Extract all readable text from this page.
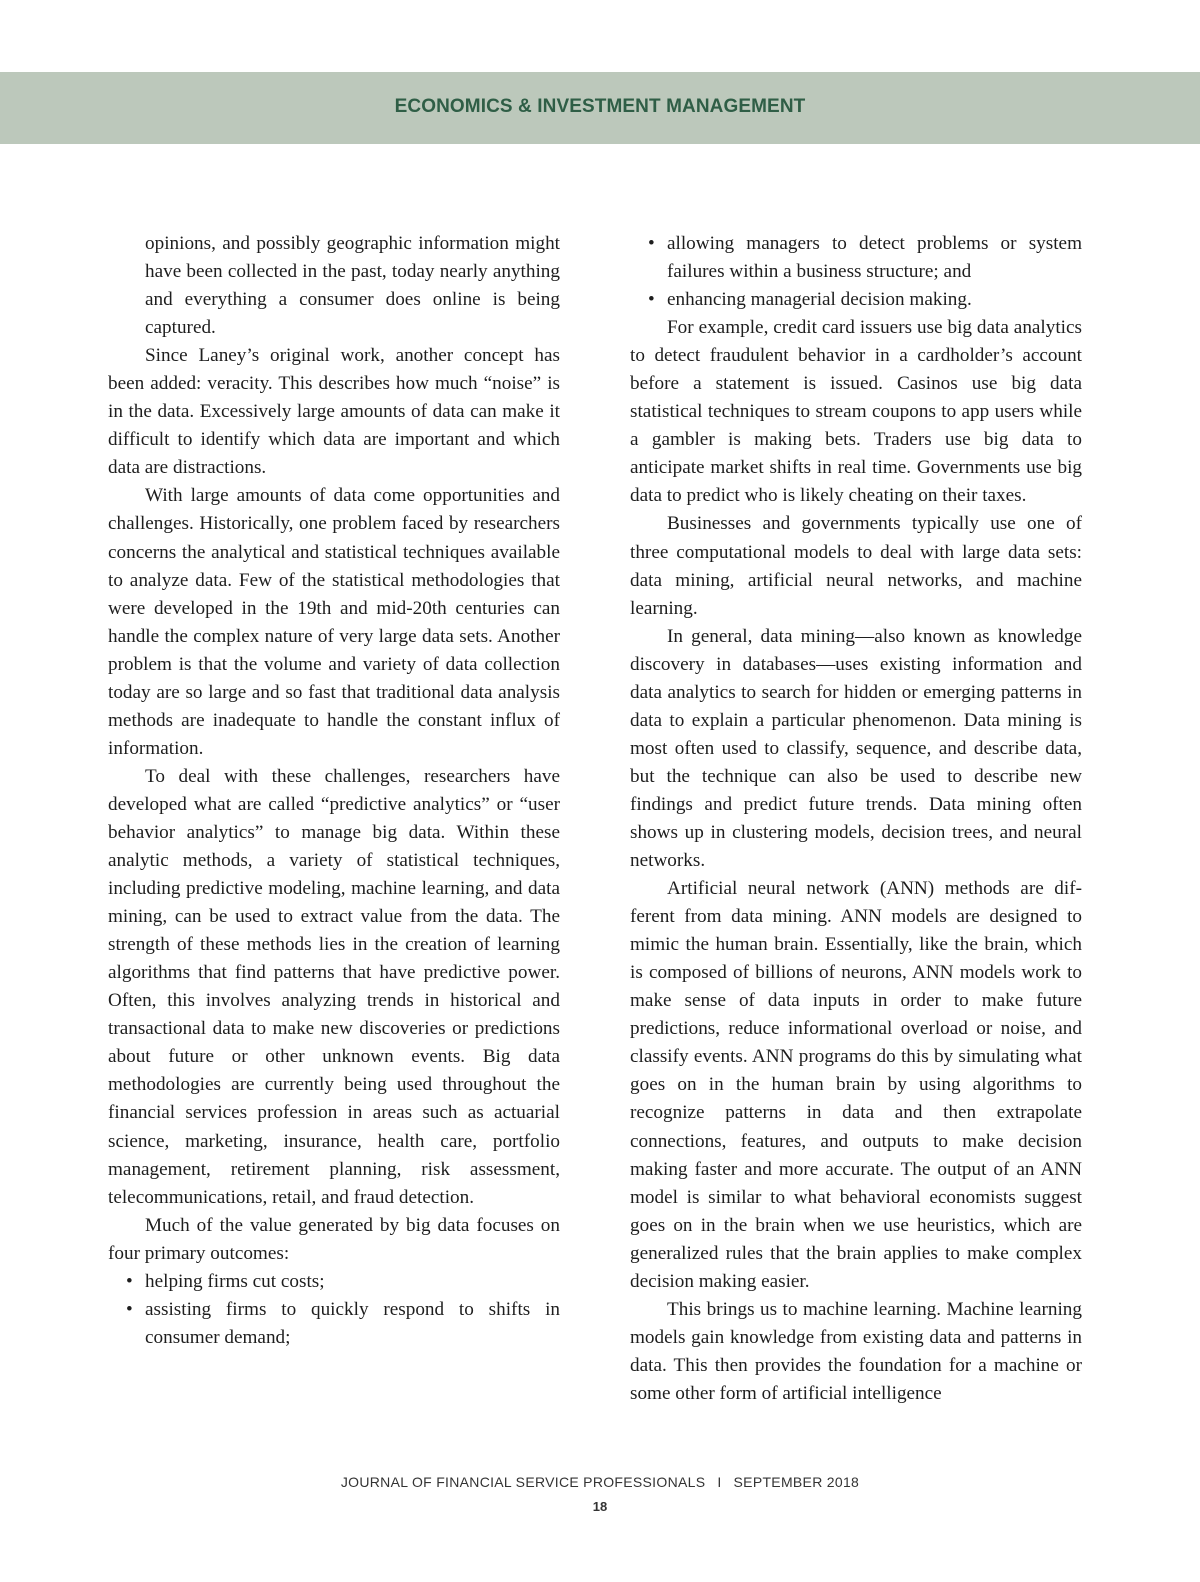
ECONOMICS & INVESTMENT MANAGEMENT

opinions, and possibly geographic information might have been collected in the past, today nearly anything and everything a consumer does online is being captured.

Since Laney’s original work, another concept has been added: veracity. This describes how much “noise” is in the data. Excessively large amounts of data can make it difficult to identify which data are important and which data are distractions.

With large amounts of data come opportunities and challenges. Historically, one problem faced by researchers concerns the analytical and statistical techniques available to analyze data. Few of the statistical methodologies that were developed in the 19th and mid-20th centuries can handle the complex nature of very large data sets. Another problem is that the volume and variety of data collection today are so large and so fast that traditional data analysis methods are inadequate to handle the constant influx of information.

To deal with these challenges, researchers have developed what are called “predictive analytics” or “user behavior analytics” to manage big data. Within these analytic methods, a variety of statistical techniques, including predictive modeling, machine learning, and data mining, can be used to extract value from the data. The strength of these methods lies in the creation of learning algorithms that find patterns that have predictive power. Often, this involves analyzing trends in historical and transactional data to make new discoveries or predictions about future or other unknown events. Big data methodologies are currently being used throughout the financial services profession in areas such as actuarial science, marketing, insurance, health care, portfolio management, retirement planning, risk assessment, telecommunications, retail, and fraud detection.

Much of the value generated by big data focuses on four primary outcomes:

• helping firms cut costs;
• assisting firms to quickly respond to shifts in consumer demand;
• allowing managers to detect problems or system failures within a business structure; and
• enhancing managerial decision making.

For example, credit card issuers use big data analytics to detect fraudulent behavior in a cardholder’s account before a statement is issued. Casinos use big data statistical techniques to stream coupons to app users while a gambler is making bets. Traders use big data to anticipate market shifts in real time. Governments use big data to predict who is likely cheating on their taxes.

Businesses and governments typically use one of three computational models to deal with large data sets: data mining, artificial neural networks, and machine learning.

In general, data mining—also known as knowledge discovery in databases—uses existing information and data analytics to search for hidden or emerging patterns in data to explain a particular phenomenon. Data mining is most often used to classify, sequence, and describe data, but the technique can also be used to describe new findings and predict future trends. Data mining often shows up in clustering models, decision trees, and neural networks.

Artificial neural network (ANN) methods are different from data mining. ANN models are designed to mimic the human brain. Essentially, like the brain, which is composed of billions of neurons, ANN models work to make sense of data inputs in order to make future predictions, reduce informational overload or noise, and classify events. ANN programs do this by simulating what goes on in the human brain by using algorithms to recognize patterns in data and then extrapolate connections, features, and outputs to make decision making faster and more accurate. The output of an ANN model is similar to what behavioral economists suggest goes on in the brain when we use heuristics, which are generalized rules that the brain applies to make complex decision making easier.

This brings us to machine learning. Machine learning models gain knowledge from existing data and patterns in data. This then provides the foundation for a machine or some other form of artificial intelligence

JOURNAL OF FINANCIAL SERVICE PROFESSIONALS I SEPTEMBER 2018
18
